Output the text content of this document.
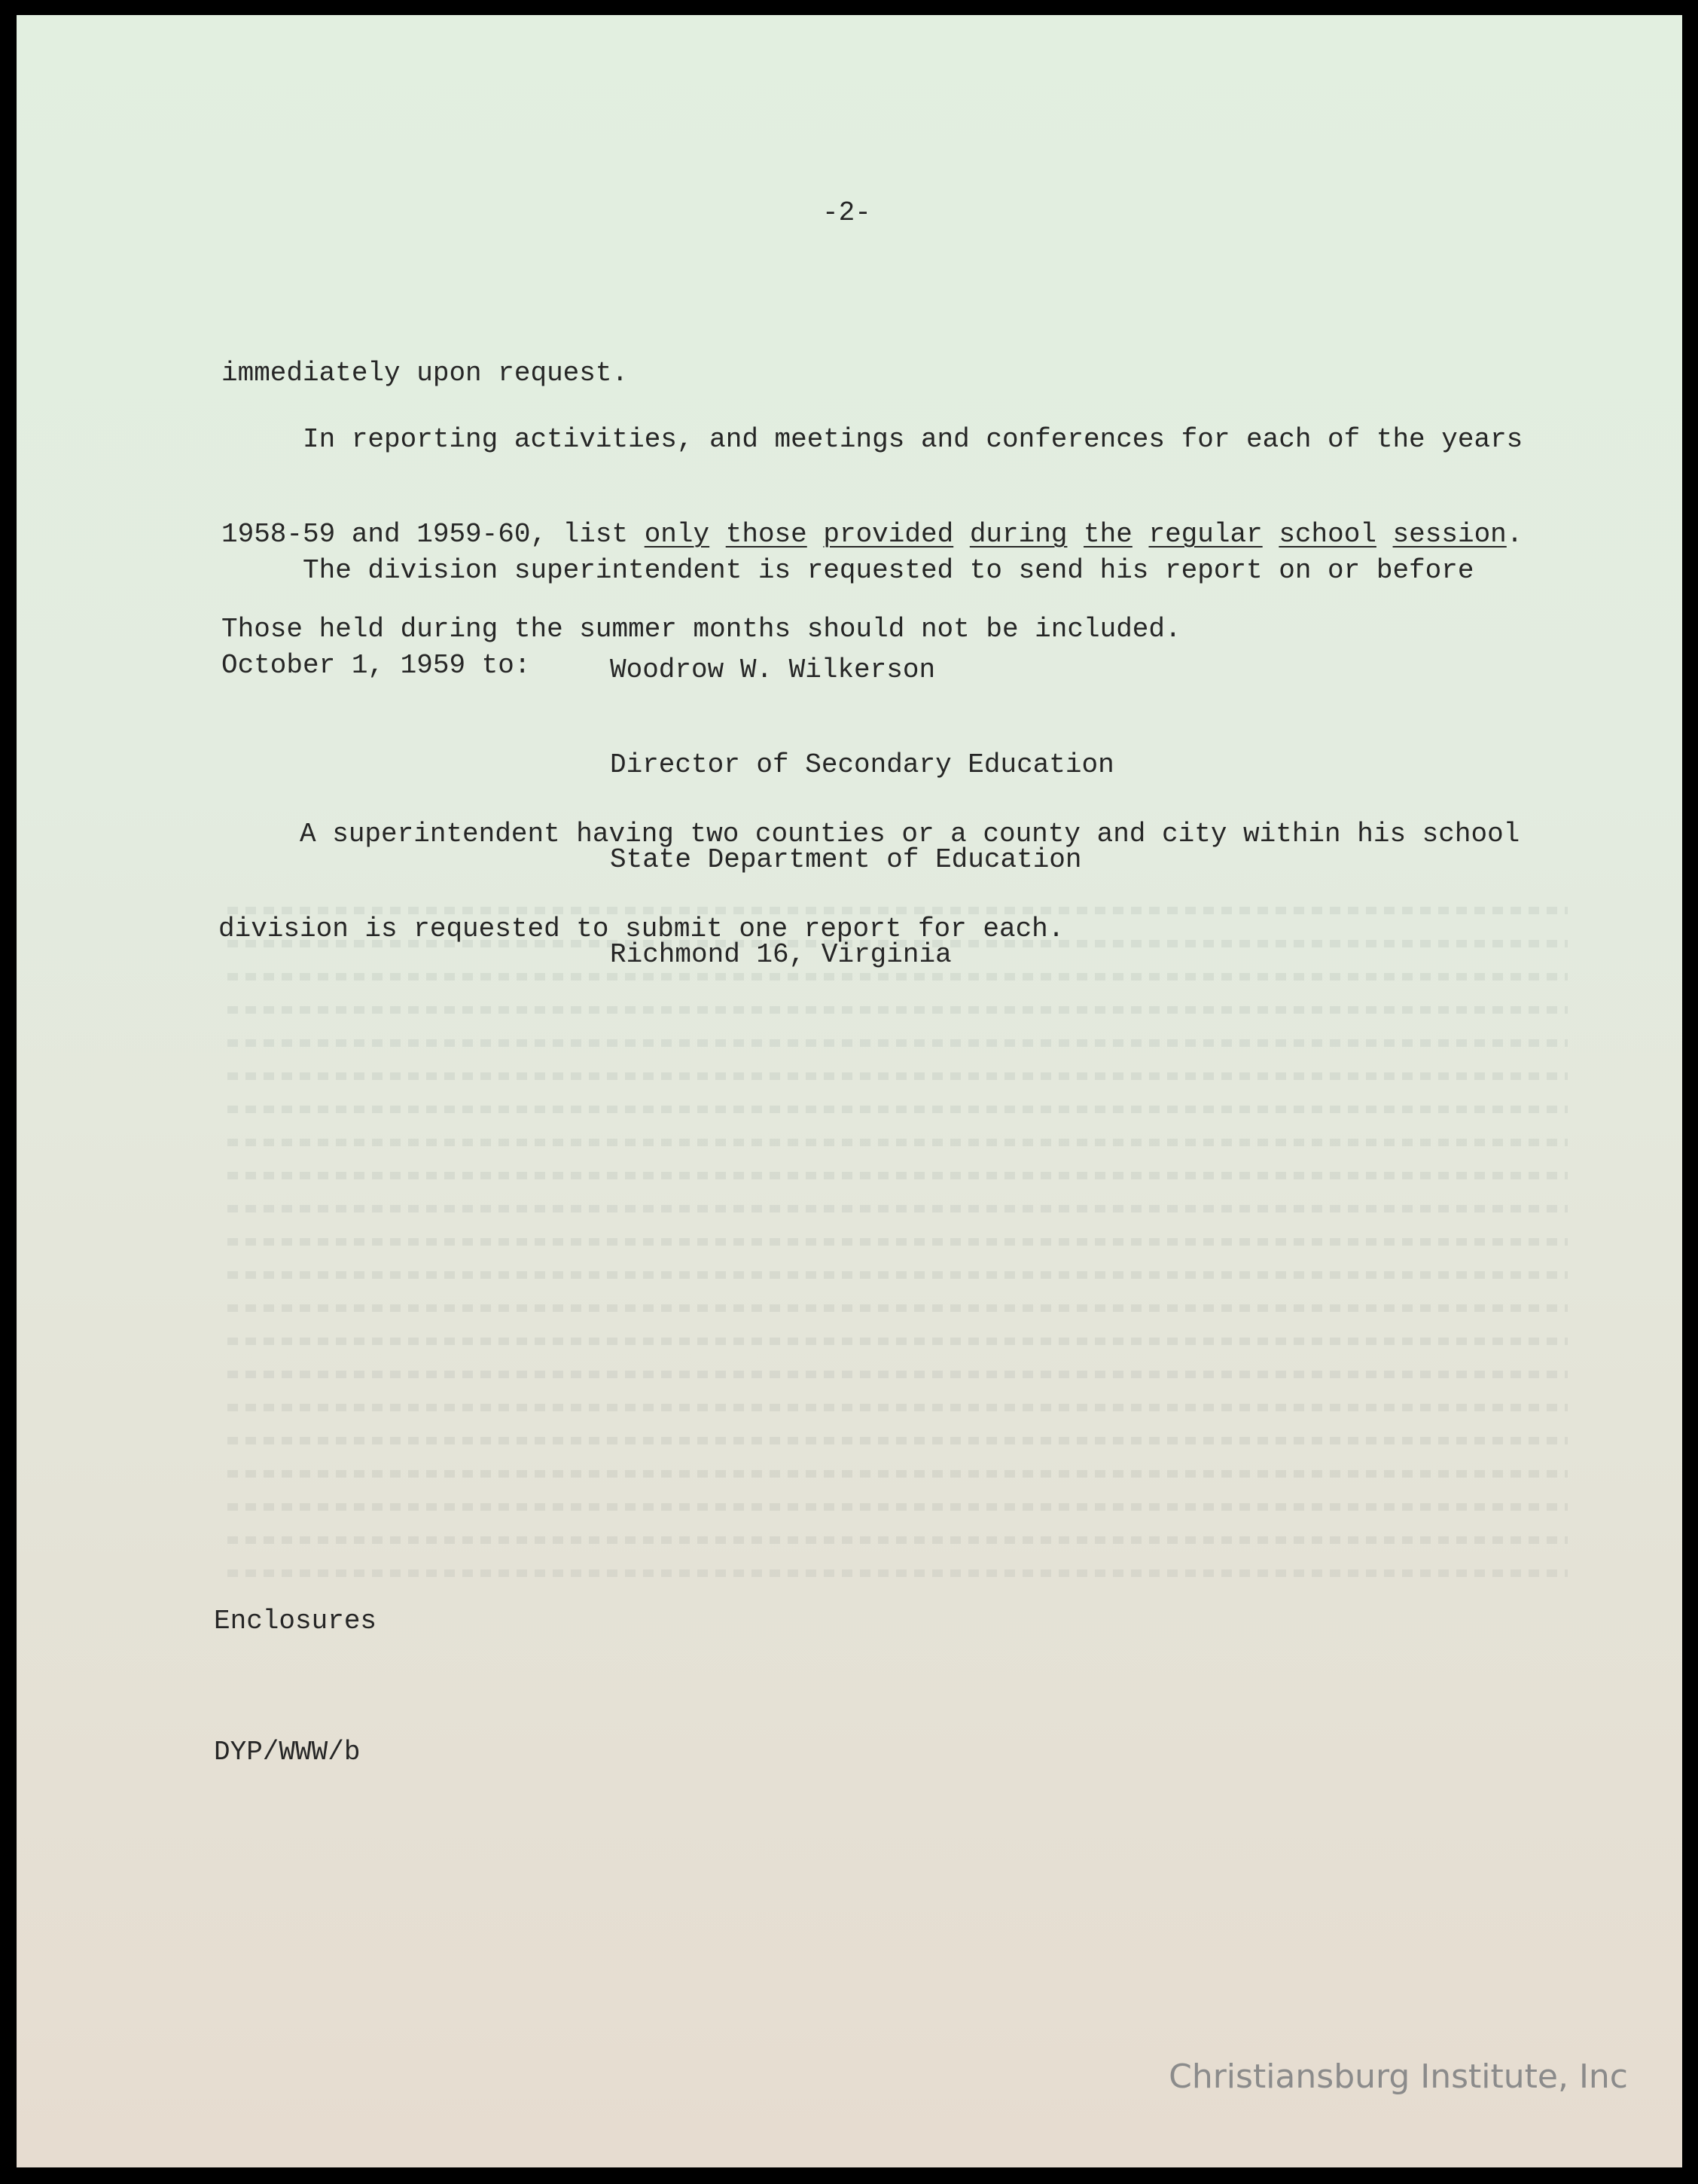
-2-

immediately upon request.

In reporting activities, and meetings and conferences for each of the years

1958-59 and 1959-60, list only those provided during the regular school session.

Those held during the summer months should not be included.

The division superintendent is requested to send his report on or before

October 1, 1959 to:

	Woodrow W. Wilkerson

Director of Secondary Education

State Department of Education

Richmond 16, Virginia

A superintendent having two counties or a county and city within his school

division is requested to submit one report for each.

Enclosures

DYP/WWW/b

Christiansburg Institute, Inc
